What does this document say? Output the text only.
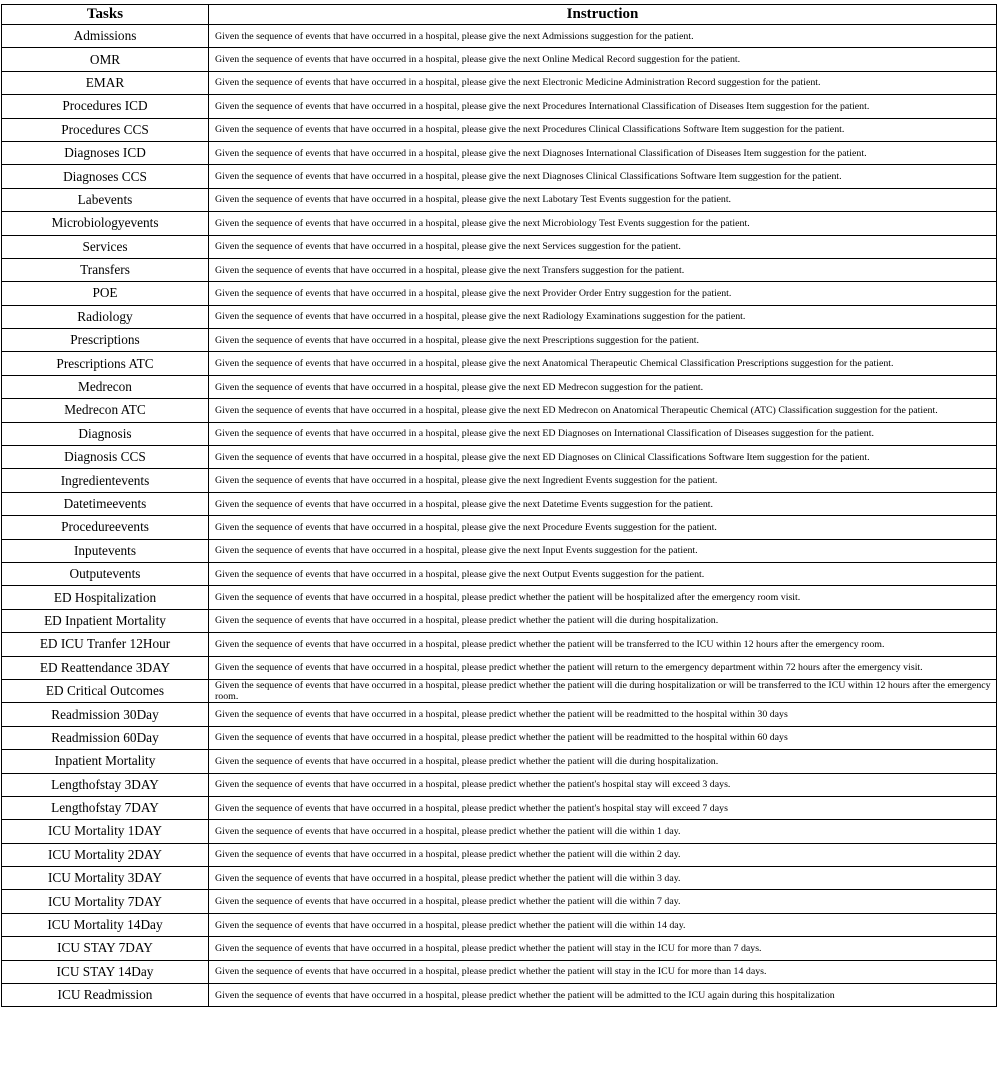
Tasks	Instruction
Admissions	Given the sequence of events that have occurred in a hospital, please give the next Admissions suggestion for the patient.
OMR	Given the sequence of events that have occurred in a hospital, please give the next Online Medical Record suggestion for the patient.
EMAR	Given the sequence of events that have occurred in a hospital, please give the next Electronic Medicine Administration Record suggestion for the patient.
Procedures ICD	Given the sequence of events that have occurred in a hospital, please give the next Procedures International Classification of Diseases Item suggestion for the patient.
Procedures CCS	Given the sequence of events that have occurred in a hospital, please give the next Procedures Clinical Classifications Software Item suggestion for the patient.
Diagnoses ICD	Given the sequence of events that have occurred in a hospital, please give the next Diagnoses International Classification of Diseases Item suggestion for the patient.
Diagnoses CCS	Given the sequence of events that have occurred in a hospital, please give the next Diagnoses Clinical Classifications Software Item suggestion for the patient.
Labevents	Given the sequence of events that have occurred in a hospital, please give the next Labotary Test Events suggestion for the patient.
Microbiologyevents	Given the sequence of events that have occurred in a hospital, please give the next Microbiology Test Events suggestion for the patient.
Services	Given the sequence of events that have occurred in a hospital, please give the next Services suggestion for the patient.
Transfers	Given the sequence of events that have occurred in a hospital, please give the next Transfers suggestion for the patient.
POE	Given the sequence of events that have occurred in a hospital, please give the next Provider Order Entry suggestion for the patient.
Radiology	Given the sequence of events that have occurred in a hospital, please give the next Radiology Examinations suggestion for the patient.
Prescriptions	Given the sequence of events that have occurred in a hospital, please give the next Prescriptions suggestion for the patient.
Prescriptions ATC	Given the sequence of events that have occurred in a hospital, please give the next Anatomical Therapeutic Chemical Classification Prescriptions suggestion for the patient.
Medrecon	Given the sequence of events that have occurred in a hospital, please give the next ED Medrecon suggestion for the patient.
Medrecon ATC	Given the sequence of events that have occurred in a hospital, please give the next ED Medrecon on Anatomical Therapeutic Chemical (ATC) Classification suggestion for the patient.
Diagnosis	Given the sequence of events that have occurred in a hospital, please give the next ED Diagnoses on International Classification of Diseases suggestion for the patient.
Diagnosis CCS	Given the sequence of events that have occurred in a hospital, please give the next ED Diagnoses on Clinical Classifications Software Item suggestion for the patient.
Ingredientevents	Given the sequence of events that have occurred in a hospital, please give the next Ingredient Events suggestion for the patient.
Datetimeevents	Given the sequence of events that have occurred in a hospital, please give the next Datetime Events suggestion for the patient.
Procedureevents	Given the sequence of events that have occurred in a hospital, please give the next Procedure Events suggestion for the patient.
Inputevents	Given the sequence of events that have occurred in a hospital, please give the next Input Events suggestion for the patient.
Outputevents	Given the sequence of events that have occurred in a hospital, please give the next Output Events suggestion for the patient.
ED Hospitalization	Given the sequence of events that have occurred in a hospital, please predict whether the patient will be hospitalized after the emergency room visit.
ED Inpatient Mortality	Given the sequence of events that have occurred in a hospital, please predict whether the patient will die during hospitalization.
ED ICU Tranfer 12Hour	Given the sequence of events that have occurred in a hospital, please predict whether the patient will be transferred to the ICU within 12 hours after the emergency room.
ED Reattendance 3DAY	Given the sequence of events that have occurred in a hospital, please predict whether the patient will return to the emergency department within 72 hours after the emergency visit.
ED Critical Outcomes	Given the sequence of events that have occurred in a hospital, please predict whether the patient will die during hospitalization or will be transferred to the ICU within 12 hours after the emergency room.
Readmission 30Day	Given the sequence of events that have occurred in a hospital, please predict whether the patient will be readmitted to the hospital within 30 days
Readmission 60Day	Given the sequence of events that have occurred in a hospital, please predict whether the patient will be readmitted to the hospital within 60 days
Inpatient Mortality	Given the sequence of events that have occurred in a hospital, please predict whether the patient will die during hospitalization.
Lengthofstay 3DAY	Given the sequence of events that have occurred in a hospital, please predict whether the patient's hospital stay will exceed 3 days.
Lengthofstay 7DAY	Given the sequence of events that have occurred in a hospital, please predict whether the patient's hospital stay will exceed 7 days
ICU Mortality 1DAY	Given the sequence of events that have occurred in a hospital, please predict whether the patient will die within 1 day.
ICU Mortality 2DAY	Given the sequence of events that have occurred in a hospital, please predict whether the patient will die within 2 day.
ICU Mortality 3DAY	Given the sequence of events that have occurred in a hospital, please predict whether the patient will die within 3 day.
ICU Mortality 7DAY	Given the sequence of events that have occurred in a hospital, please predict whether the patient will die within 7 day.
ICU Mortality 14Day	Given the sequence of events that have occurred in a hospital, please predict whether the patient will die within 14 day.
ICU STAY 7DAY	Given the sequence of events that have occurred in a hospital, please predict whether the patient will stay in the ICU for more than 7 days.
ICU STAY 14Day	Given the sequence of events that have occurred in a hospital, please predict whether the patient will stay in the ICU for more than 14 days.
ICU Readmission	Given the sequence of events that have occurred in a hospital, please predict whether the patient will be admitted to the ICU again during this hospitalization
